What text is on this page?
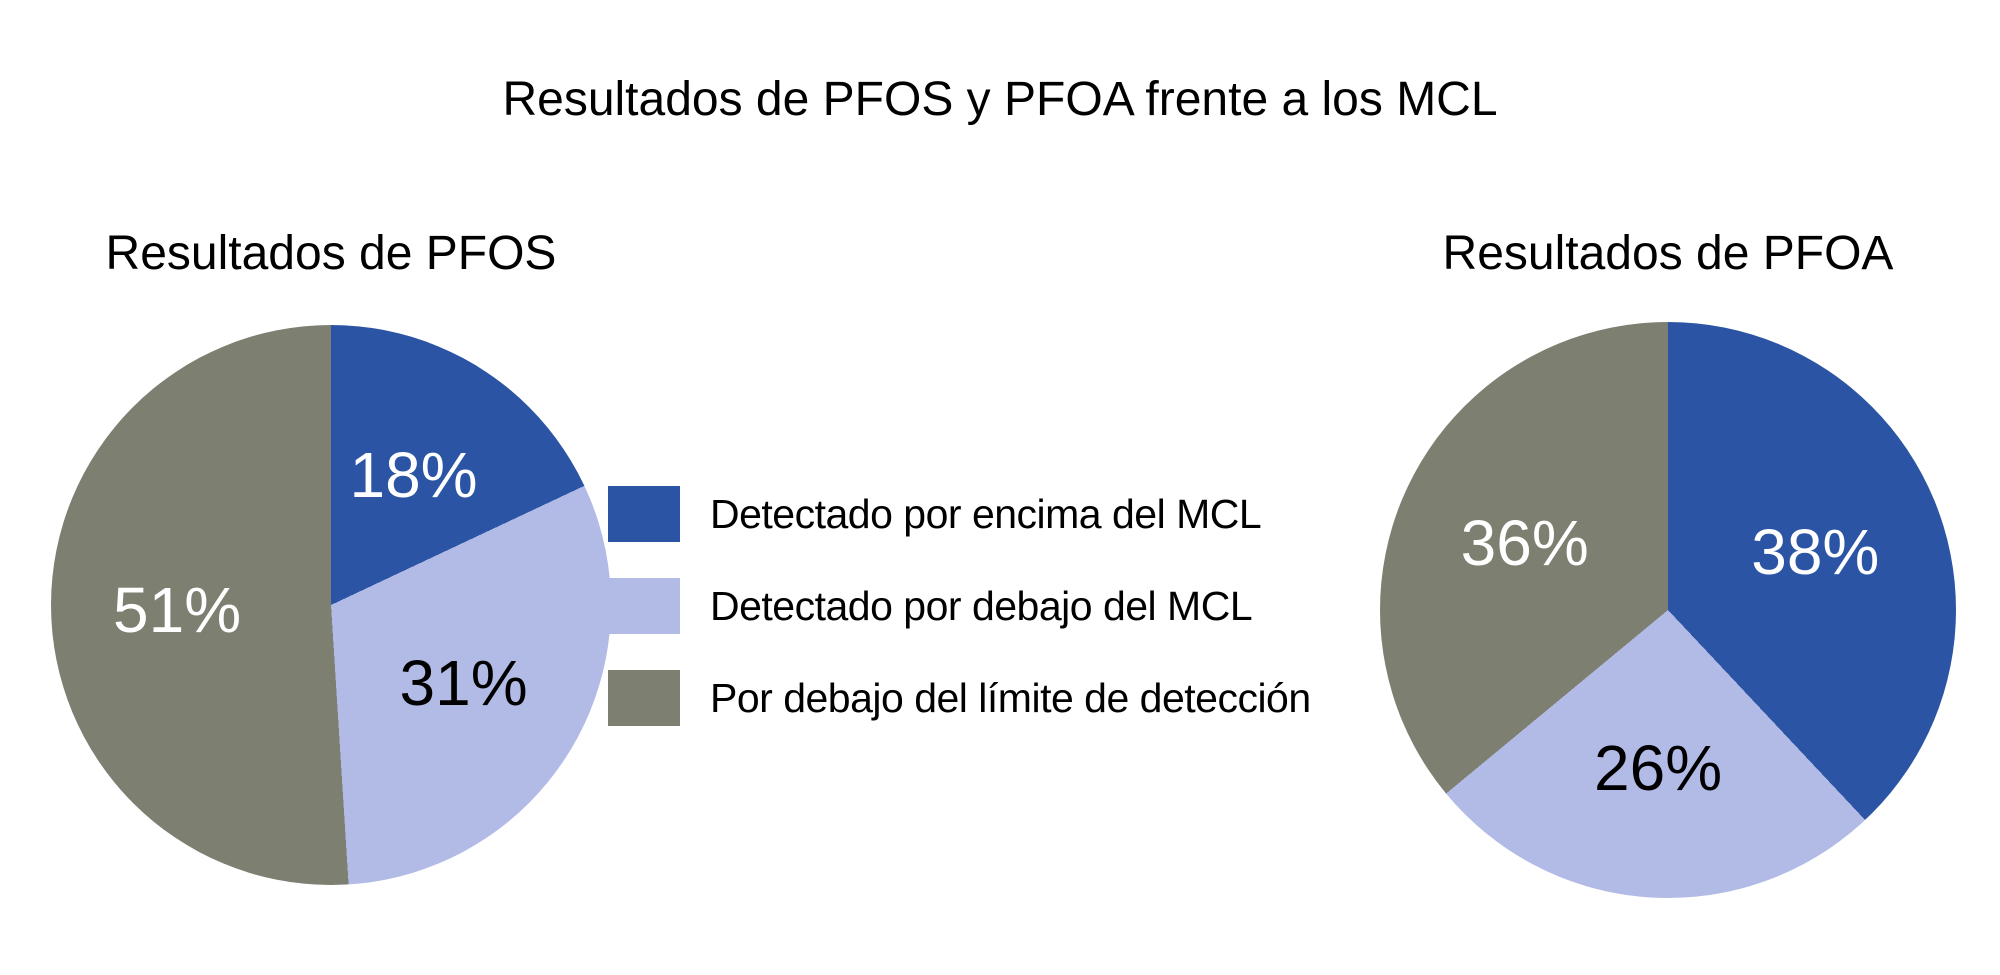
Resultados de PFOS y PFOA frente a los MCL
Resultados de PFOS
18%
31%
51%
Detectado por encima del MCL
Detectado por debajo del MCL
Por debajo del límite de detección
Resultados de PFOA
38%
26%
36%
